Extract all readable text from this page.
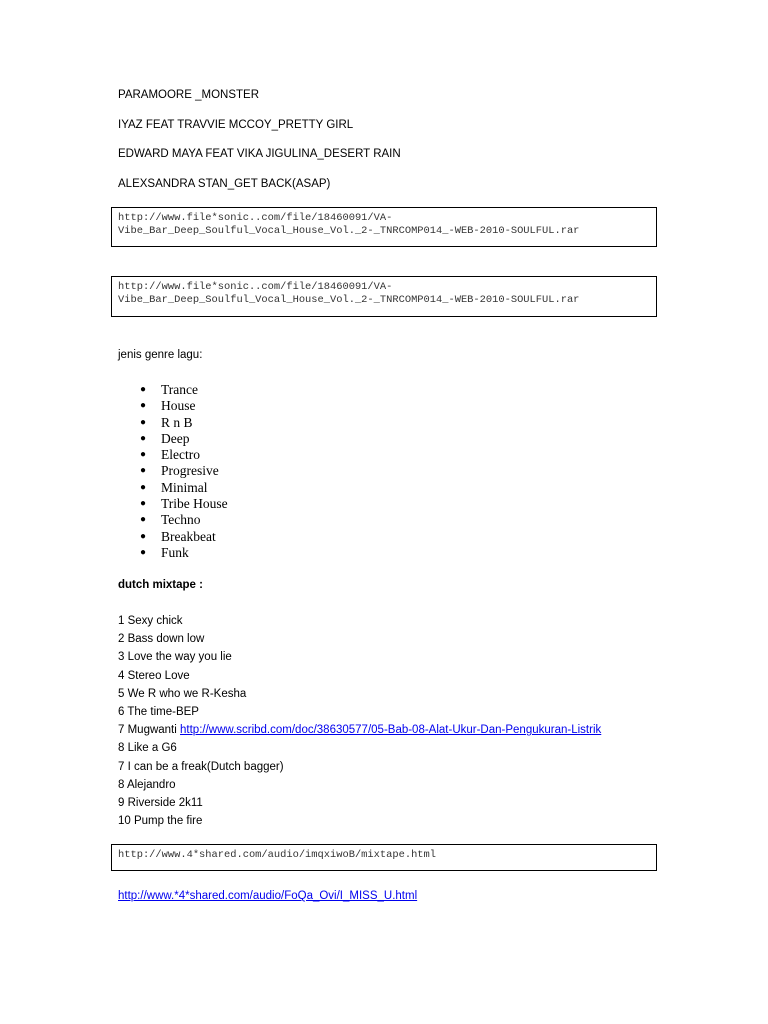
PARAMOORE _MONSTER
IYAZ FEAT TRAVVIE MCCOY_PRETTY GIRL
EDWARD MAYA FEAT VIKA JIGULINA_DESERT RAIN
ALEXSANDRA STAN_GET BACK(ASAP)
http://www.file*sonic..com/file/18460091/VA-
Vibe_Bar_Deep_Soulful_Vocal_House_Vol._2-_TNRCOMP014_-WEB-2010-SOULFUL.rar
http://www.file*sonic..com/file/18460091/VA-
Vibe_Bar_Deep_Soulful_Vocal_House_Vol._2-_TNRCOMP014_-WEB-2010-SOULFUL.rar
jenis genre lagu:
● Trance
● House
● R n B
● Deep
● Electro
● Progresive
● Minimal
● Tribe House
● Techno
● Breakbeat
● Funk
dutch mixtape :
1 Sexy chick
2 Bass down low
3 Love the way you lie
4 Stereo Love
5 We R who we R-Kesha
6 The time-BEP
7 Mugwanti http://www.scribd.com/doc/38630577/05-Bab-08-Alat-Ukur-Dan-Pengukuran-Listrik
8 Like a G6
7 I can be a freak(Dutch bagger)
8 Alejandro
9 Riverside 2k11
10 Pump the fire
http://www.4*shared.com/audio/imqxiwoB/mixtape.html
http://www.*4*shared.com/audio/FoQa_Ovi/I_MISS_U.html
